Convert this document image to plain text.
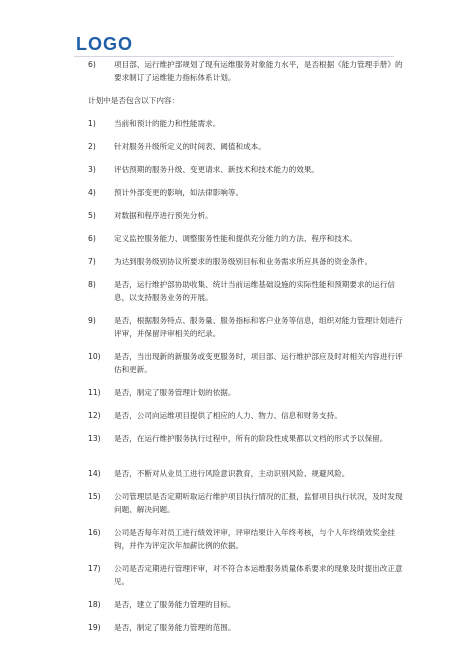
LOGO
6)	项目部、运行维护部规划了现有运维服务对象能力水平，是否根据《能力管理手册》的要求制订了运维能力指标体系计划。
计划中是否包含以下内容：
1)	当前和预计的能力和性能需求。
2)	针对服务升级所定义的时间表、阈值和成本。
3)	评估预期的服务升级、变更请求、新技术和技术能力的效果。
4)	预计外部变更的影响，如法律影响等。
5)	对数据和程序进行预先分析。
6)	定义监控服务能力、调整服务性能和提供充分能力的方法、程序和技术。
7)	为达到服务级别协议所要求的服务级别目标和业务需求所应具备的资金条件。
8)	是否，运行维护部协助收集、统计当前运维基础设施的实际性能和预期要求的运行信息，以支持服务业务的开展。
9)	是否，根据服务特点、服务量、服务指标和客户业务等信息，组织对能力管理计划进行评审，并保留评审相关的纪录。
10)	是否，当出现新的新服务或变更服务时，项目部、运行维护部应及时对相关内容进行评估和更新。
11)	是否，制定了服务管理计划的依据。
12)	是否，公司向运维项目提供了相应的人力、物力、信息和财务支持。
13)	是否，在运行维护服务执行过程中，所有的阶段性成果都以文档的形式予以保留。
14)	是否，不断对从业员工进行风险意识教育，主动识别风险、规避风险。
15)	公司管理层是否定期听取运行维护项目执行情况的汇报，监督项目执行状况，及时发现问题、解决问题。
16)	公司是否每年对员工进行绩效评审，评审结果计入年终考核，与个人年终绩效奖金挂钩，并作为评定次年加薪比例的依据。
17)	公司是否定期进行管理评审，对不符合本运维服务质量体系要求的现象及时提出改正意见。
18)	是否，建立了服务能力管理的目标。
19)	是否，制定了服务能力管理的范围。
